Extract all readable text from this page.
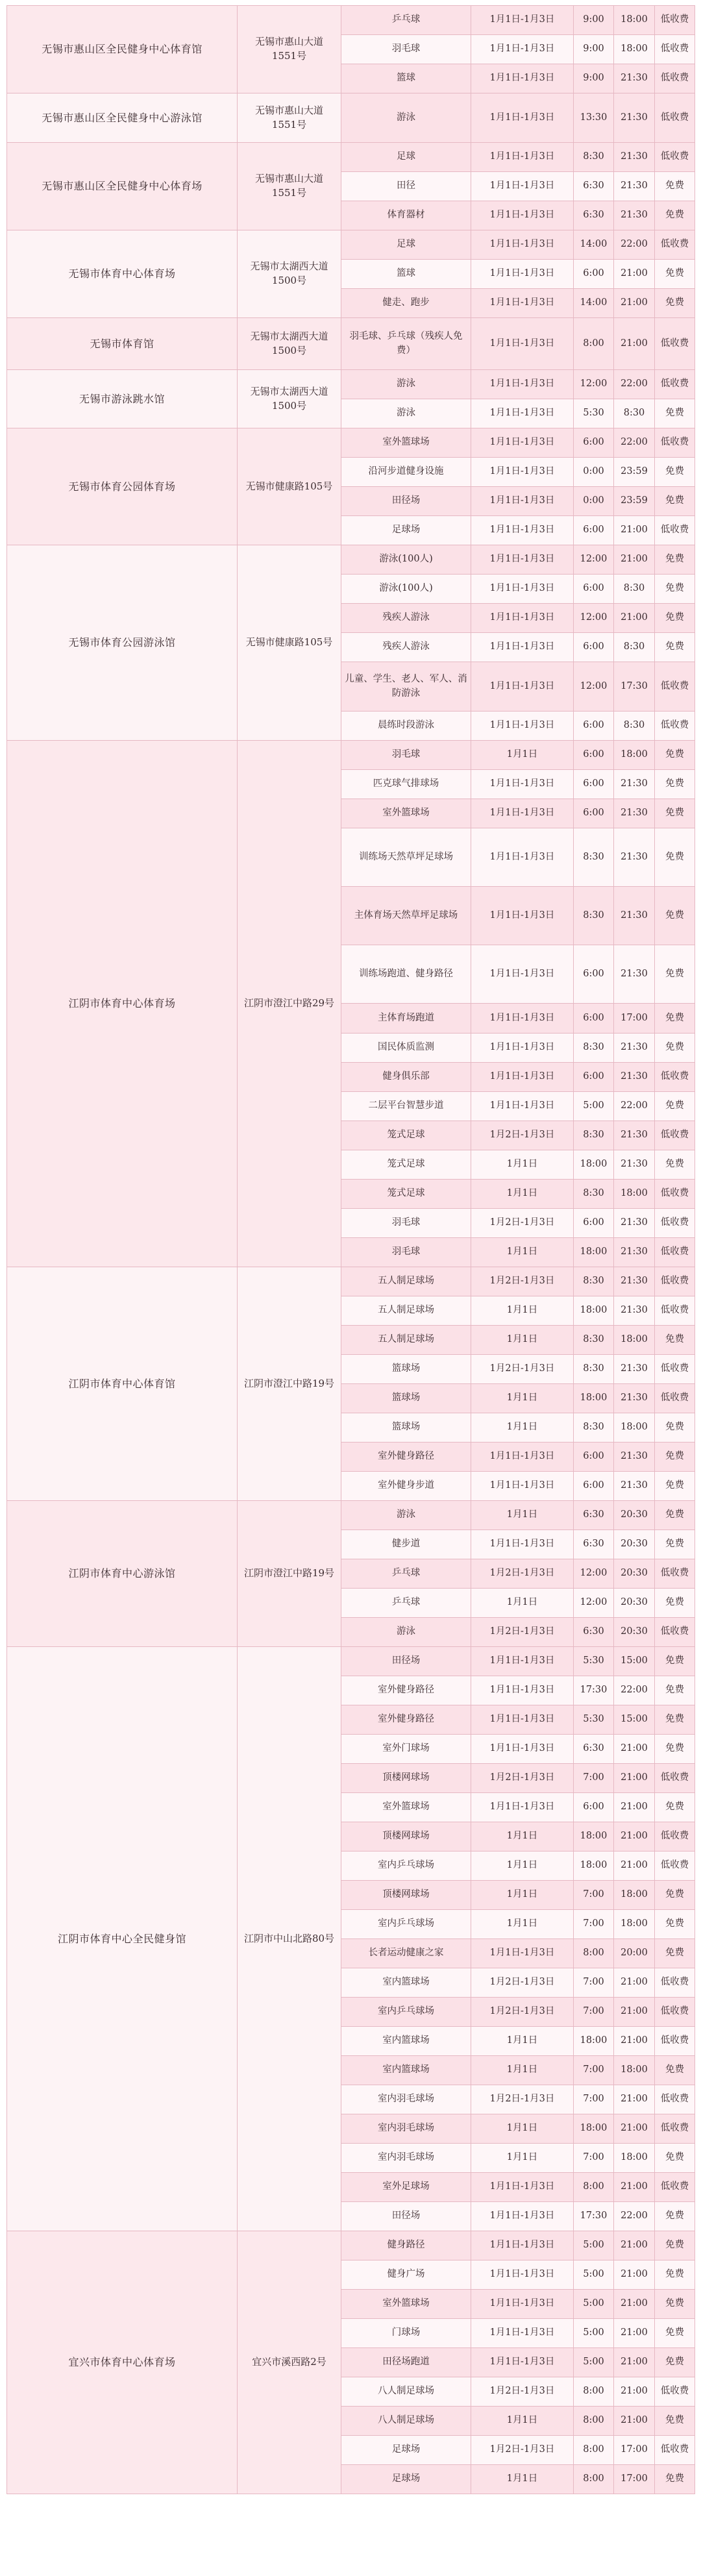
无锡市惠山区全民健身中心体育馆	无锡市惠山大道1551号	乒乓球	1月1日-1月3日	9:00	18:00	低收费
		羽毛球	1月1日-1月3日	9:00	18:00	低收费
		篮球	1月1日-1月3日	9:00	21:30	低收费
无锡市惠山区全民健身中心游泳馆	无锡市惠山大道1551号	游泳	1月1日-1月3日	13:30	21:30	低收费
无锡市惠山区全民健身中心体育场	无锡市惠山大道1551号	足球	1月1日-1月3日	8:30	21:30	低收费
		田径	1月1日-1月3日	6:30	21:30	免费
		体育器材	1月1日-1月3日	6:30	21:30	免费
无锡市体育中心体育场	无锡市太湖西大道1500号	足球	1月1日-1月3日	14:00	22:00	低收费
		篮球	1月1日-1月3日	6:00	21:00	免费
		健走、跑步	1月1日-1月3日	14:00	21:00	免费
无锡市体育馆	无锡市太湖西大道1500号	羽毛球、乒乓球（残疾人免费）	1月1日-1月3日	8:00	21:00	低收费
无锡市游泳跳水馆	无锡市太湖西大道1500号	游泳	1月1日-1月3日	12:00	22:00	低收费
		游泳	1月1日-1月3日	5:30	8:30	免费
无锡市体育公园体育场	无锡市健康路105号	室外篮球场	1月1日-1月3日	6:00	22:00	低收费
		沿河步道健身设施	1月1日-1月3日	0:00	23:59	免费
		田径场	1月1日-1月3日	0:00	23:59	免费
		足球场	1月1日-1月3日	6:00	21:00	低收费
无锡市体育公园游泳馆	无锡市健康路105号	游泳(100人)	1月1日-1月3日	12:00	21:00	免费
		游泳(100人)	1月1日-1月3日	6:00	8:30	免费
		残疾人游泳	1月1日-1月3日	12:00	21:00	免费
		残疾人游泳	1月1日-1月3日	6:00	8:30	免费
		儿童、学生、老人、军人、消防游泳	1月1日-1月3日	12:00	17:30	低收费
		晨练时段游泳	1月1日-1月3日	6:00	8:30	低收费
江阴市体育中心体育场	江阴市澄江中路29号	羽毛球	1月1日	6:00	18:00	免费
		匹克球气排球场	1月1日-1月3日	6:00	21:30	免费
		室外篮球场	1月1日-1月3日	6:00	21:30	免费
		训练场天然草坪足球场	1月1日-1月3日	8:30	21:30	免费
		主体育场天然草坪足球场	1月1日-1月3日	8:30	21:30	免费
		训练场跑道、健身路径	1月1日-1月3日	6:00	21:30	免费
		主体育场跑道	1月1日-1月3日	6:00	17:00	免费
		国民体质监测	1月1日-1月3日	8:30	21:30	免费
		健身俱乐部	1月1日-1月3日	6:00	21:30	低收费
		二层平台智慧步道	1月1日-1月3日	5:00	22:00	免费
		笼式足球	1月2日-1月3日	8:30	21:30	低收费
		笼式足球	1月1日	18:00	21:30	免费
		笼式足球	1月1日	8:30	18:00	低收费
		羽毛球	1月2日-1月3日	6:00	21:30	低收费
		羽毛球	1月1日	18:00	21:30	低收费
江阴市体育中心体育馆	江阴市澄江中路19号	五人制足球场	1月2日-1月3日	8:30	21:30	低收费
		五人制足球场	1月1日	18:00	21:30	低收费
		五人制足球场	1月1日	8:30	18:00	免费
		篮球场	1月2日-1月3日	8:30	21:30	低收费
		篮球场	1月1日	18:00	21:30	低收费
		篮球场	1月1日	8:30	18:00	免费
		室外健身路径	1月1日-1月3日	6:00	21:30	免费
		室外健身步道	1月1日-1月3日	6:00	21:30	免费
江阴市体育中心游泳馆	江阴市澄江中路19号	游泳	1月1日	6:30	20:30	免费
		健步道	1月1日-1月3日	6:30	20:30	免费
		乒乓球	1月2日-1月3日	12:00	20:30	低收费
		乒乓球	1月1日	12:00	20:30	免费
		游泳	1月2日-1月3日	6:30	20:30	低收费
江阴市体育中心全民健身馆	江阴市中山北路80号	田径场	1月1日-1月3日	5:30	15:00	免费
		室外健身路径	1月1日-1月3日	17:30	22:00	免费
		室外健身路径	1月1日-1月3日	5:30	15:00	免费
		室外门球场	1月1日-1月3日	6:30	21:00	免费
		顶楼网球场	1月2日-1月3日	7:00	21:00	低收费
		室外篮球场	1月1日-1月3日	6:00	21:00	免费
		顶楼网球场	1月1日	18:00	21:00	低收费
		室内乒乓球场	1月1日	18:00	21:00	低收费
		顶楼网球场	1月1日	7:00	18:00	免费
		室内乒乓球场	1月1日	7:00	18:00	免费
		长者运动健康之家	1月1日-1月3日	8:00	20:00	免费
		室内篮球场	1月2日-1月3日	7:00	21:00	低收费
		室内乒乓球场	1月2日-1月3日	7:00	21:00	低收费
		室内篮球场	1月1日	18:00	21:00	低收费
		室内篮球场	1月1日	7:00	18:00	免费
		室内羽毛球场	1月2日-1月3日	7:00	21:00	低收费
		室内羽毛球场	1月1日	18:00	21:00	低收费
		室内羽毛球场	1月1日	7:00	18:00	免费
		室外足球场	1月1日-1月3日	8:00	21:00	低收费
		田径场	1月1日-1月3日	17:30	22:00	免费
宜兴市体育中心体育场	宜兴市溪西路2号	健身路径	1月1日-1月3日	5:00	21:00	免费
		健身广场	1月1日-1月3日	5:00	21:00	免费
		室外篮球场	1月1日-1月3日	5:00	21:00	免费
		门球场	1月1日-1月3日	5:00	21:00	免费
		田径场跑道	1月1日-1月3日	5:00	21:00	免费
		八人制足球场	1月2日-1月3日	8:00	21:00	低收费
		八人制足球场	1月1日	8:00	21:00	免费
		足球场	1月2日-1月3日	8:00	17:00	低收费
		足球场	1月1日	8:00	17:00	免费
